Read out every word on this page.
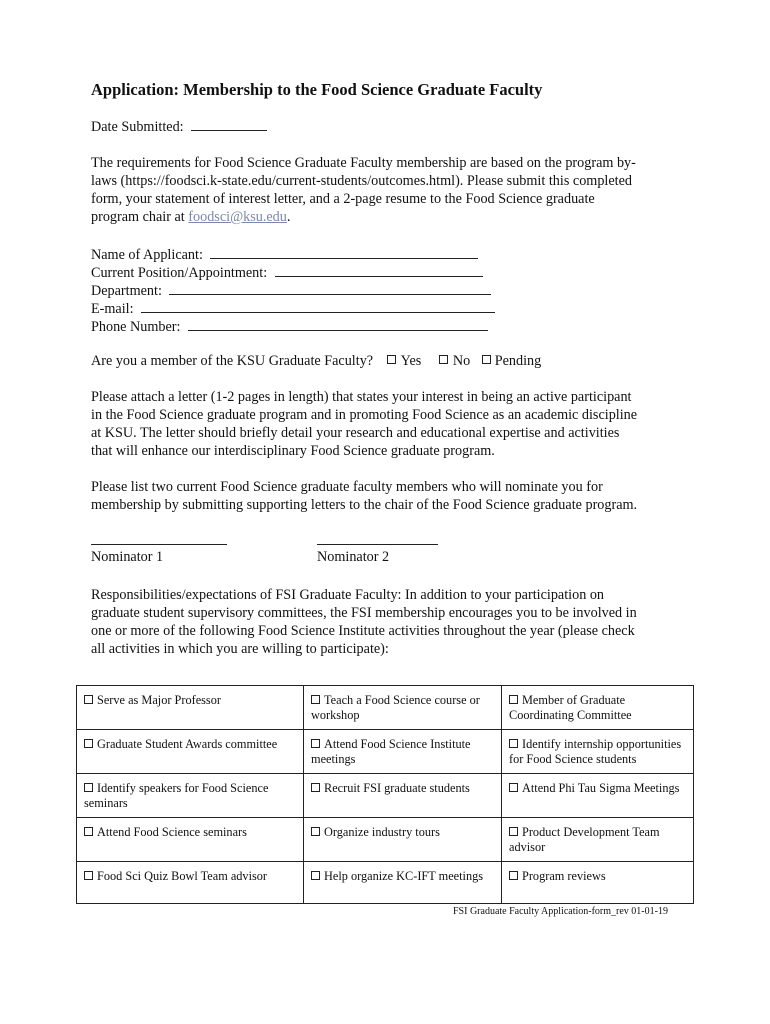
Application: Membership to the Food Science Graduate Faculty
Date Submitted:
The requirements for Food Science Graduate Faculty membership are based on the program by-
laws (https://foodsci.k-state.edu/current-students/outcomes.html). Please submit this completed
form, your statement of interest letter, and a 2-page resume to the Food Science graduate
program chair at foodsci@ksu.edu.
Name of Applicant:
Current Position/Appointment:
Department:
E-mail:
Phone Number:
Are you a member of the KSU Graduate Faculty? Yes No Pending
Please attach a letter (1-2 pages in length) that states your interest in being an active participant
in the Food Science graduate program and in promoting Food Science as an academic discipline
at KSU. The letter should briefly detail your research and educational expertise and activities
that will enhance our interdisciplinary Food Science graduate program.
Please list two current Food Science graduate faculty members who will nominate you for
membership by submitting supporting letters to the chair of the Food Science graduate program.
Nominator 1	Nominator 2
Responsibilities/expectations of FSI Graduate Faculty: In addition to your participation on
graduate student supervisory committees, the FSI membership encourages you to be involved in
one or more of the following Food Science Institute activities throughout the year (please check
all activities in which you are willing to participate):
Serve as Major Professor	Teach a Food Science course or workshop	Member of Graduate Coordinating Committee
Graduate Student Awards committee	Attend Food Science Institute meetings	Identify internship opportunities for Food Science students
Identify speakers for Food Science seminars	Recruit FSI graduate students	Attend Phi Tau Sigma Meetings
Attend Food Science seminars	Organize industry tours	Product Development Team advisor
Food Sci Quiz Bowl Team advisor	Help organize KC-IFT meetings	Program reviews
FSI Graduate Faculty Application-form_rev 01-01-19
